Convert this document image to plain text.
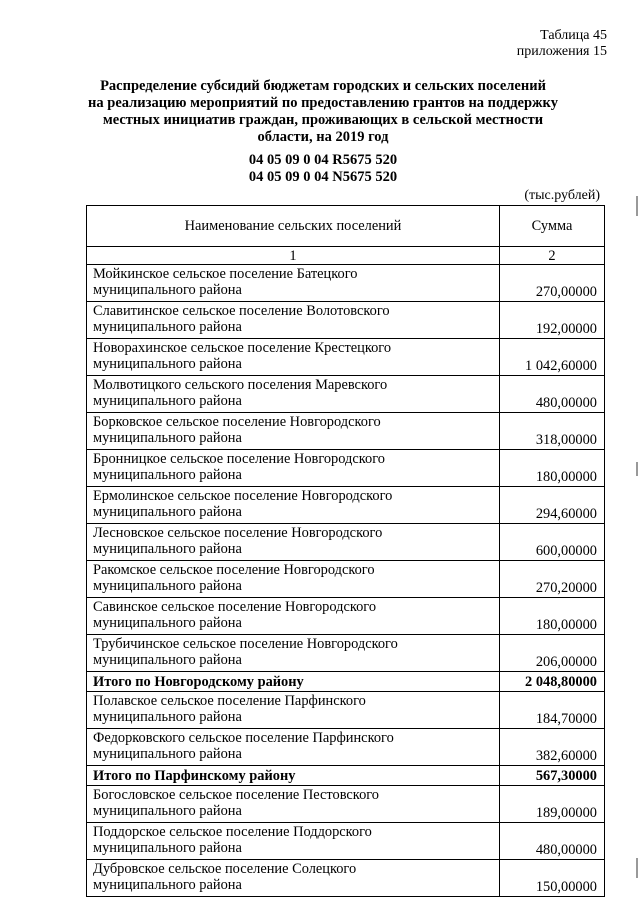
Таблица 45
приложения 15
Распределение субсидий бюджетам городских и сельских поселений
на реализацию мероприятий по предоставлению грантов на поддержку
местных инициатив граждан, проживающих в сельской местности
области, на 2019 год
04 05 09 0 04 R5675 520
04 05 09 0 04 N5675 520
(тыс.рублей)
Наименование сельских поселений	Сумма
1	2

Мойкинское сельское поселение Батецкого
муниципального района	270,00000

Славитинское сельское поселение Волотовского
муниципального района	192,00000

Новорахинское сельское поселение Крестецкого
муниципального района	1 042,60000

Молвотицкого сельского поселения Маревского
муниципального района	480,00000

Борковское сельское поселение Новгородского
муниципального района	318,00000

Бронницкое сельское поселение Новгородского
муниципального района	180,00000

Ермолинское сельское поселение Новгородского
муниципального района	294,60000

Лесновское сельское поселение Новгородского
муниципального района	600,00000

Ракомское сельское поселение Новгородского
муниципального района	270,20000

Савинское сельское поселение Новгородского
муниципального района	180,00000

Трубичинское сельское поселение Новгородского
муниципального района	206,00000

Итого по Новгородскому району	2 048,80000

Полавское сельское поселение Парфинского
муниципального района	184,70000

Федорковского сельское поселение Парфинского
муниципального района	382,60000

Итого по Парфинскому району	567,30000

Богословское сельское поселение Пестовского
муниципального района	189,00000

Поддорское сельское поселение Поддорского
муниципального района	480,00000

Дубровское сельское поселение Солецкого
муниципального района	150,00000
